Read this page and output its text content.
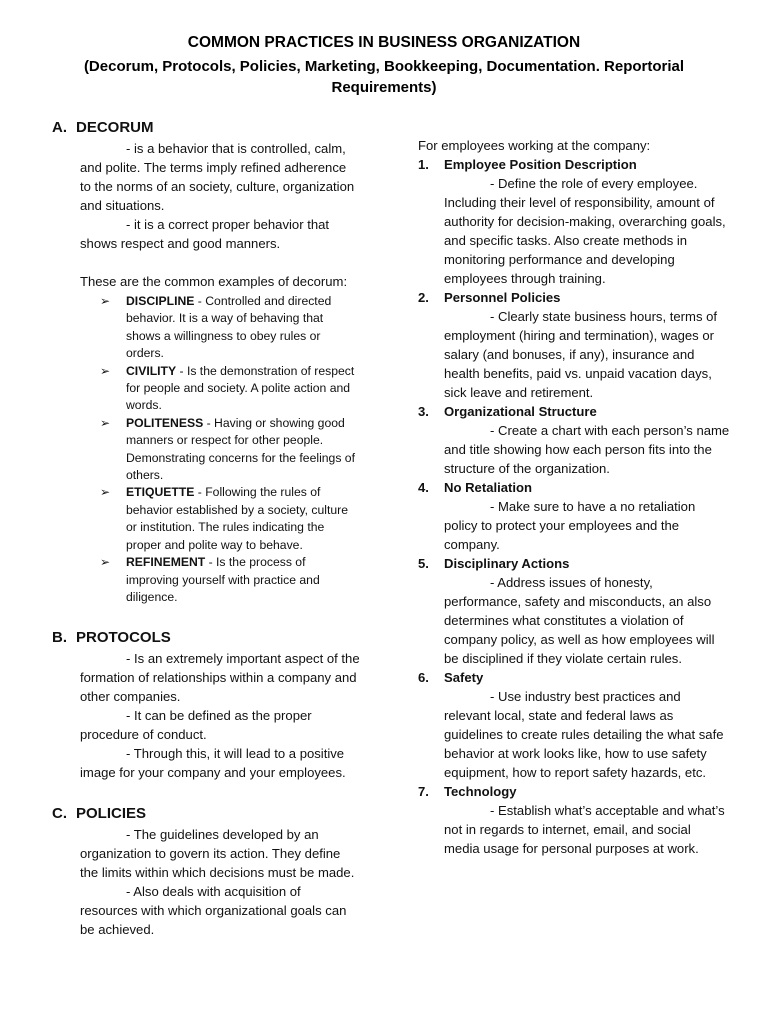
COMMON PRACTICES IN BUSINESS ORGANIZATION
(Decorum, Protocols, Policies, Marketing, Bookkeeping, Documentation. Reportorial Requirements)
A. DECORUM
- is a behavior that is controlled, calm, and polite. The terms imply refined adherence to the norms of an society, culture, organization and situations.
- it is a correct proper behavior that shows respect and good manners.
These are the common examples of decorum:
➢ DISCIPLINE - Controlled and directed behavior. It is a way of behaving that shows a willingness to obey rules or orders.
➢ CIVILITY - Is the demonstration of respect for people and society. A polite action and words.
➢ POLITENESS - Having or showing good manners or respect for other people. Demonstrating concerns for the feelings of others.
➢ ETIQUETTE - Following the rules of behavior established by a society, culture or institution. The rules indicating the proper and polite way to behave.
➢ REFINEMENT - Is the process of improving yourself with practice and diligence.
B. PROTOCOLS
- Is an extremely important aspect of the formation of relationships within a company and other companies.
- It can be defined as the proper procedure of conduct.
- Through this, it will lead to a positive image for your company and your employees.
C. POLICIES
- The guidelines developed by an organization to govern its action. They define the limits within which decisions must be made.
- Also deals with acquisition of resources with which organizational goals can be achieved.
For employees working at the company:
1.	Employee Position Description
- Define the role of every employee. Including their level of responsibility, amount of authority for decision-making, overarching goals, and specific tasks. Also create methods in monitoring performance and developing employees through training.
2.	Personnel Policies
- Clearly state business hours, terms of employment (hiring and termination), wages or salary (and bonuses, if any), insurance and health benefits, paid vs. unpaid vacation days, sick leave and retirement.
3.	Organizational Structure
- Create a chart with each person’s name and title showing how each person fits into the structure of the organization.
4.	No Retaliation
- Make sure to have a no retaliation policy to protect your employees and the company.
5.	Disciplinary Actions
- Address issues of honesty, performance, safety and misconducts, an also determines what constitutes a violation of company policy, as well as how employees will be disciplined if they violate certain rules.
6.	Safety
- Use industry best practices and relevant local, state and federal laws as guidelines to create rules detailing the what safe behavior at work looks like, how to use safety equipment, how to report safety hazards, etc.
7.	Technology
- Establish what’s acceptable and what’s not in regards to internet, email, and social media usage for personal purposes at work.
